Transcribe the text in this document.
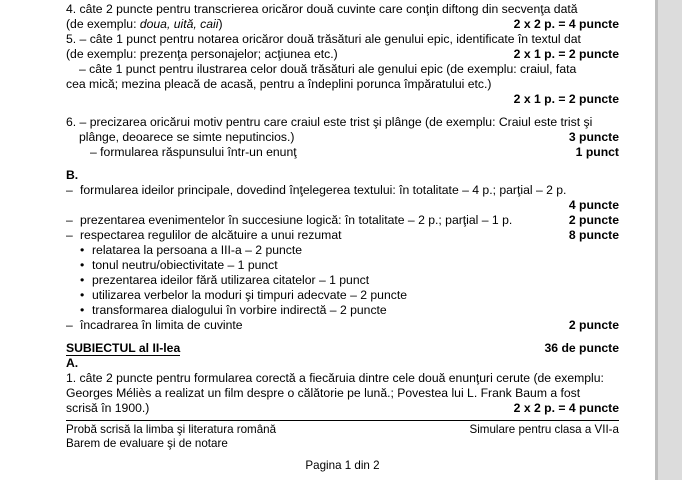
4. câte 2 puncte pentru transcrierea oricăror două cuvinte care conţin diftong din secvenţa dată
(de exemplu: doua, uită, caii)	2 x 2 p. = 4 puncte
5. – câte 1 punct pentru notarea oricăror două trăsături ale genului epic, identificate în textul dat
(de exemplu: prezenţa personajelor; acţiunea etc.)	2 x 1 p. = 2 puncte
– câte 1 punct pentru ilustrarea celor două trăsături ale genului epic (de exemplu: craiul, fata
cea mică; mezina pleacă de acasă, pentru a îndeplini porunca împăratului etc.)
2 x 1 p. = 2 puncte
6. – precizarea oricărui motiv pentru care craiul este trist şi plânge (de exemplu: Craiul este trist şi
plânge, deoarece se simte neputincios.)	3 puncte
– formularea răspunsului într-un enunţ	1 punct
B.
– formularea ideilor principale, dovedind înţelegerea textului: în totalitate – 4 p.; parţial – 2 p.
4 puncte
– prezentarea evenimentelor în succesiune logică: în totalitate – 2 p.; parţial – 1 p.	2 puncte
– respectarea regulilor de alcătuire a unui rezumat	8 puncte
• relatarea la persoana a III-a – 2 puncte
• tonul neutru/obiectivitate – 1 punct
• prezentarea ideilor fără utilizarea citatelor – 1 punct
• utilizarea verbelor la moduri şi timpuri adecvate – 2 puncte
• transformarea dialogului în vorbire indirectă – 2 puncte
– încadrarea în limita de cuvinte	2 puncte
SUBIECTUL al II-lea	36 de puncte
A.
1. câte 2 puncte pentru formularea corectă a fiecăruia dintre cele două enunţuri cerute (de exemplu:
Georges Méliès a realizat un film despre o călătorie pe lună.; Povestea lui L. Frank Baum a fost
scrisă în 1900.)	2 x 2 p. = 4 puncte
Probă scrisă la limba şi literatura română	Simulare pentru clasa a VII-a
Barem de evaluare şi de notare
Pagina 1 din 2
